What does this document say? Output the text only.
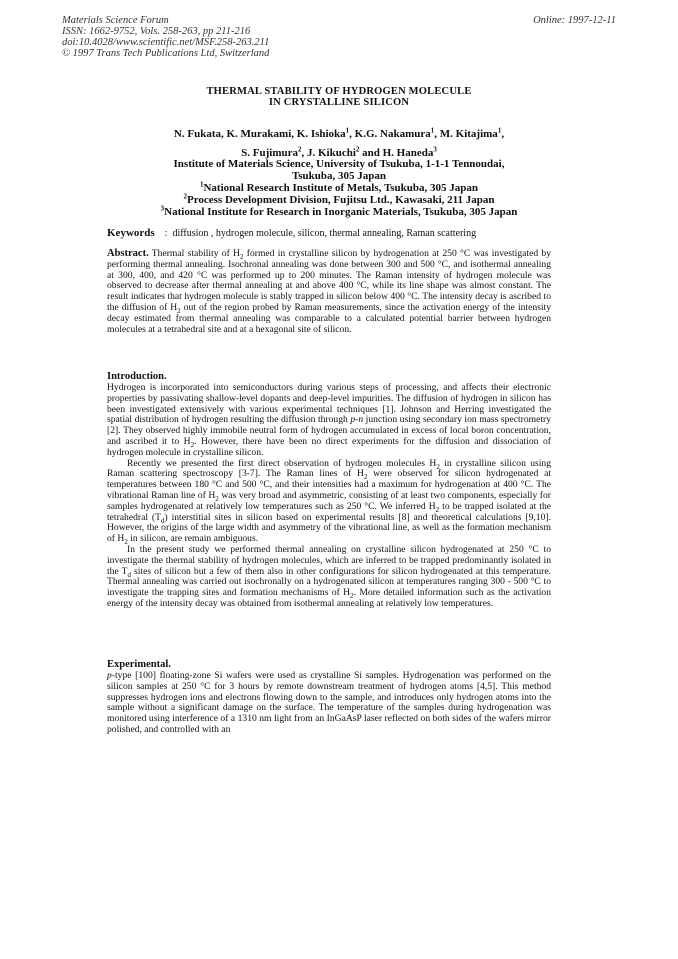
Materials Science Forum
ISSN: 1662-9752, Vols. 258-263, pp 211-216
doi:10.4028/www.scientific.net/MSF.258-263.211
© 1997 Trans Tech Publications Ltd, Switzerland
Online: 1997-12-11
THERMAL STABILITY OF HYDROGEN MOLECULE
IN CRYSTALLINE SILICON
N. Fukata, K. Murakami, K. Ishioka$^1$, K.G. Nakamura$^1$, M. Kitajima$^1$,
S. Fujimura$^2$, J. Kikuchi$^2$ and H. Haneda$^3$
Institute of Materials Science, University of Tsukuba, 1-1-1 Tennoudai,
Tsukuba, 305 Japan
$^1$National Research Institute of Metals, Tsukuba, 305 Japan
$^2$Process Development Division, Fujitsu Ltd., Kawasaki, 211 Japan
$^3$National Institute for Research in Inorganic Materials, Tsukuba, 305 Japan
Keywords : diffusion , hydrogen molecule, silicon, thermal annealing, Raman scattering

Abstract. Thermal stability of $H_2$ formed in crystalline silicon by hydrogenation at 250 °C was investigated by performing thermal annealing. Isochronal annealing was done between 300 and 500 °C, and isothermal annealing at 300, 400, and 420 °C was performed up to 200 minutes. The Raman intensity of hydrogen molecule was observed to decrease after thermal annealing at and above 400 °C, while its line shape was almost constant. The result indicates that hydrogen molecule is stably trapped in silicon below 400 °C. The intensity decay is ascribed to the diffusion of $H_2$ out of the region probed by Raman measurements, since the activation energy of the intensity decay estimated from thermal annealing was comparable to a calculated potential barrier between hydrogen molecules at a tetrahedral site and at a hexagonal site of silicon.

Introduction.

Hydrogen is incorporated into semiconductors during various steps of processing, and affects their electronic properties by passivating shallow-level dopants and deep-level impurities. The diffusion of hydrogen in silicon has been investigated extensively with various experimental techniques [1]. Johnson and Herring investigated the spatial distribution of hydrogen resulting the diffusion through p-n junction using secondary ion mass spectrometry [2]. They observed highly immobile neutral form of hydrogen accumulated in excess of local boron concentration, and ascribed it to $H_2$. However, there have been no direct experiments for the diffusion and dissociation of hydrogen molecule in crystalline silicon.

Recently we presented the first direct observation of hydrogen molecules $H_2$ in crystalline silicon using Raman scattering spectroscopy [3-7]. The Raman lines of $H_2$ were observed for silicon hydrogenated at temperatures between 180 °C and 500 °C, and their intensities had a maximum for hydrogenation at 400 °C. The vibrational Raman line of $H_2$ was very broad and asymmetric, consisting of at least two components, especially for samples hydrogenated at relatively low temperatures such as 250 °C. We inferred $H_2$ to be trapped isolated at the tetrahedral $(T_d)$ interstitial sites in silicon based on experimental results [8] and theoretical calculations [9,10]. However, the origins of the large width and asymmetry of the vibrational line, as well as the formation mechanism of $H_2$ in silicon, are remain ambiguous.

In the present study we performed thermal annealing on crystalline silicon hydrogenated at 250 °C to investigate the thermal stability of hydrogen molecules, which are inferred to be trapped predominantly isolated in the $T_d$ sites of silicon but a few of them also in other configurations for silicon hydrogenated at this temperature. Thermal annealing was carried out isochronally on a hydrogenated silicon at temperatures ranging 300 - 500 °C to investigate the trapping sites and formation mechanisms of $H_2$. More detailed information such as the activation energy of the intensity decay was obtained from isothermal annealing at relatively low temperatures.

Experimental.

p-type [100] floating-zone Si wafers were used as crystalline Si samples. Hydrogenation was performed on the silicon samples at 250 °C for 3 hours by remote downstream treatment of hydrogen atoms [4,5]. This method suppresses hydrogen ions and electrons flowing down to the sample, and introduces only hydrogen atoms into the sample without a significant damage on the surface. The temperature of the samples during hydrogenation was monitored using interference of a 1310 nm light from an InGaAsP laser reflected on both sides of the wafers mirror polished, and controlled with an
